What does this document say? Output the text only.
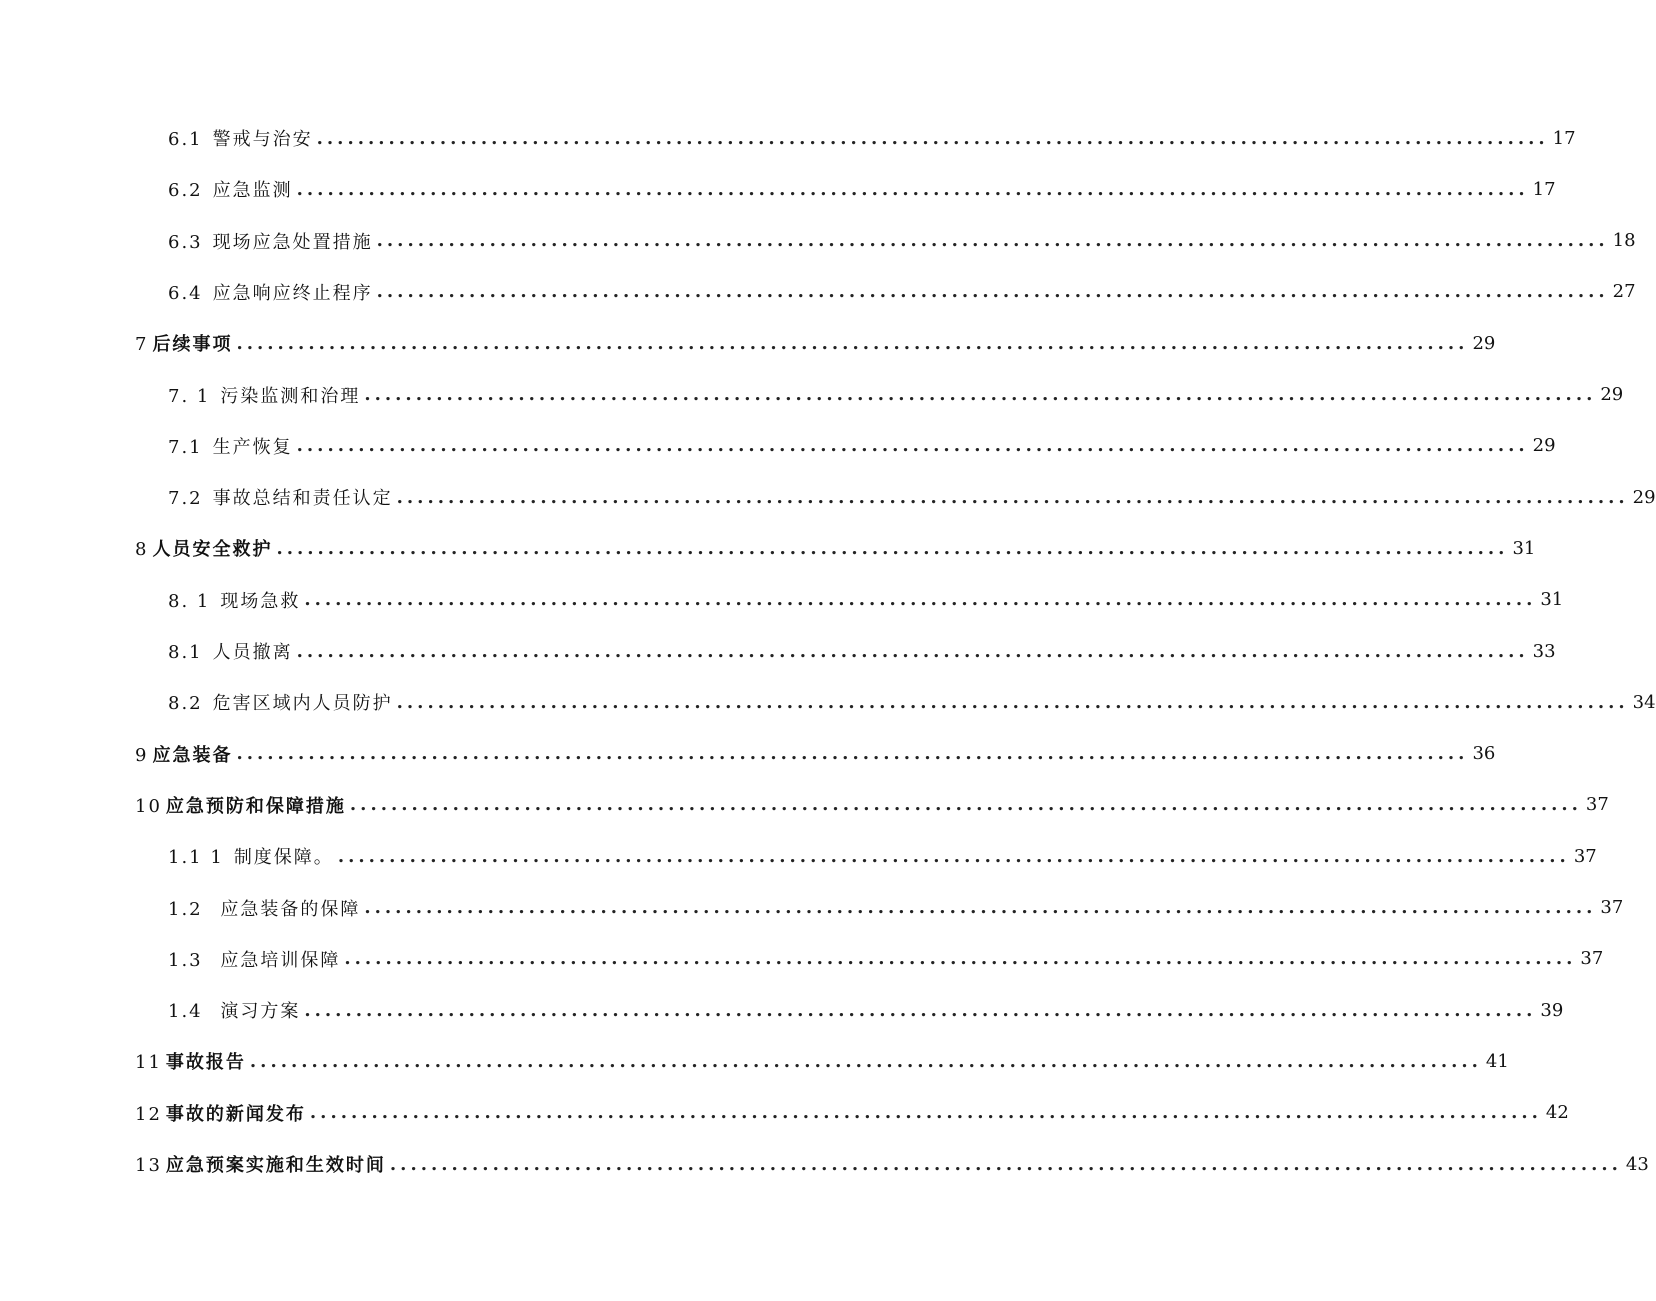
6.1 警戒与治安 ........................................................................................................................ 17
6.2 应急监测 ........................................................................................................................ 17
6.3 现场应急处置措施 ........................................................................................................................ 18
6.4 应急响应终止程序 ........................................................................................................................ 27
7 后续事项 ........................................................................................................................ 29
7. 1 污染监测和治理 ........................................................................................................................ 29
7.1 生产恢复 ........................................................................................................................ 29
7.2 事故总结和责任认定 ........................................................................................................................ 29
8 人员安全救护 ........................................................................................................................ 31
8. 1 现场急救 ........................................................................................................................ 31
8.1 人员撤离 ........................................................................................................................ 33
8.2 危害区域内人员防护 ........................................................................................................................ 34
9 应急装备 ........................................................................................................................ 36
10 应急预防和保障措施 ........................................................................................................................ 37
1.1 1 制度保障。 ........................................................................................................................ 37
1.2 应急装备的保障 ........................................................................................................................ 37
1.3 应急培训保障 ........................................................................................................................ 37
1.4 演习方案 ........................................................................................................................ 39
11 事故报告 ........................................................................................................................ 41
12 事故的新闻发布 ........................................................................................................................ 42
13 应急预案实施和生效时间 ........................................................................................................................ 43
